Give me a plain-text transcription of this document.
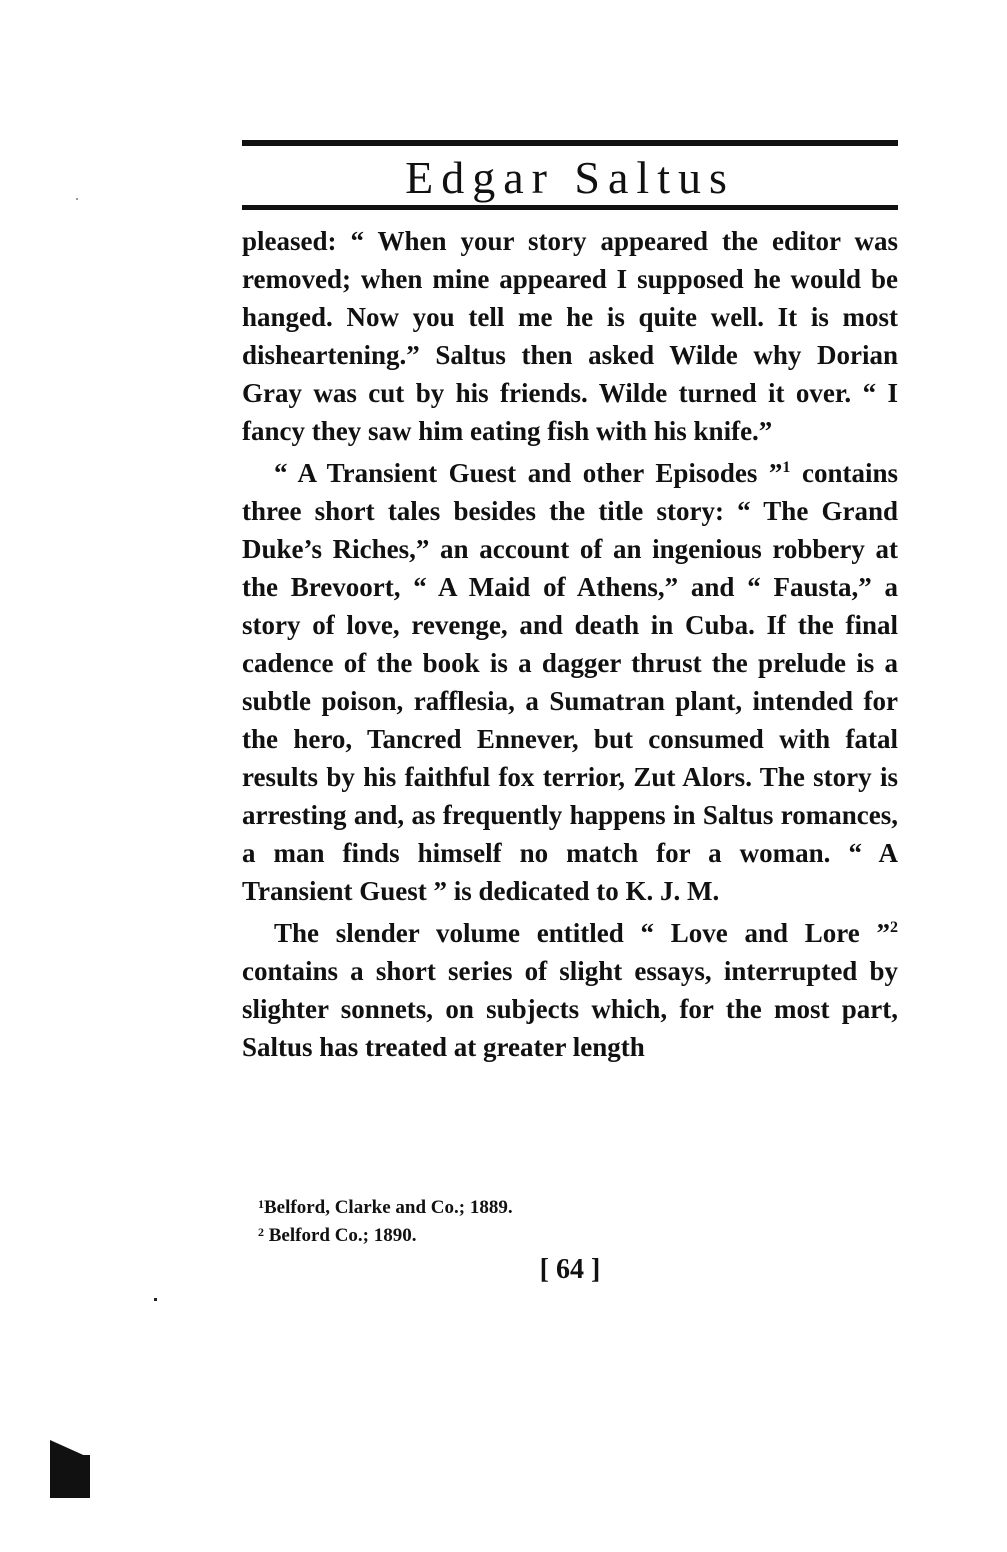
Edgar Saltus

pleased: “ When your story appeared the editor was removed; when mine appeared I supposed he would be hanged. Now you tell me he is quite well. It is most disheartening.” Saltus then asked Wilde why Dorian Gray was cut by his friends. Wilde turned it over. “ I fancy they saw him eating fish with his knife.”

“ A Transient Guest and other Episodes ”$^1$ contains three short tales besides the title story: “ The Grand Duke’s Riches,” an account of an ingenious robbery at the Brevoort, “ A Maid of Athens,” and “ Fausta,” a story of love, revenge, and death in Cuba. If the final cadence of the book is a dagger thrust the prelude is a subtle poison, rafflesia, a Sumatran plant, intended for the hero, Tancred Ennever, but consumed with fatal results by his faithful fox terrior, Zut Alors. The story is arresting and, as frequently happens in Saltus romances, a man finds himself no match for a woman. “ A Transient Guest ” is dedicated to K. J. M.

The slender volume entitled “ Love and Lore ”$^2$ contains a short series of slight essays, interrupted by slighter sonnets, on subjects which, for the most part, Saltus has treated at greater length

$^1$Belford, Clarke and Co.; 1889.
$^2$ Belford Co.; 1890.
[ 64 ]
